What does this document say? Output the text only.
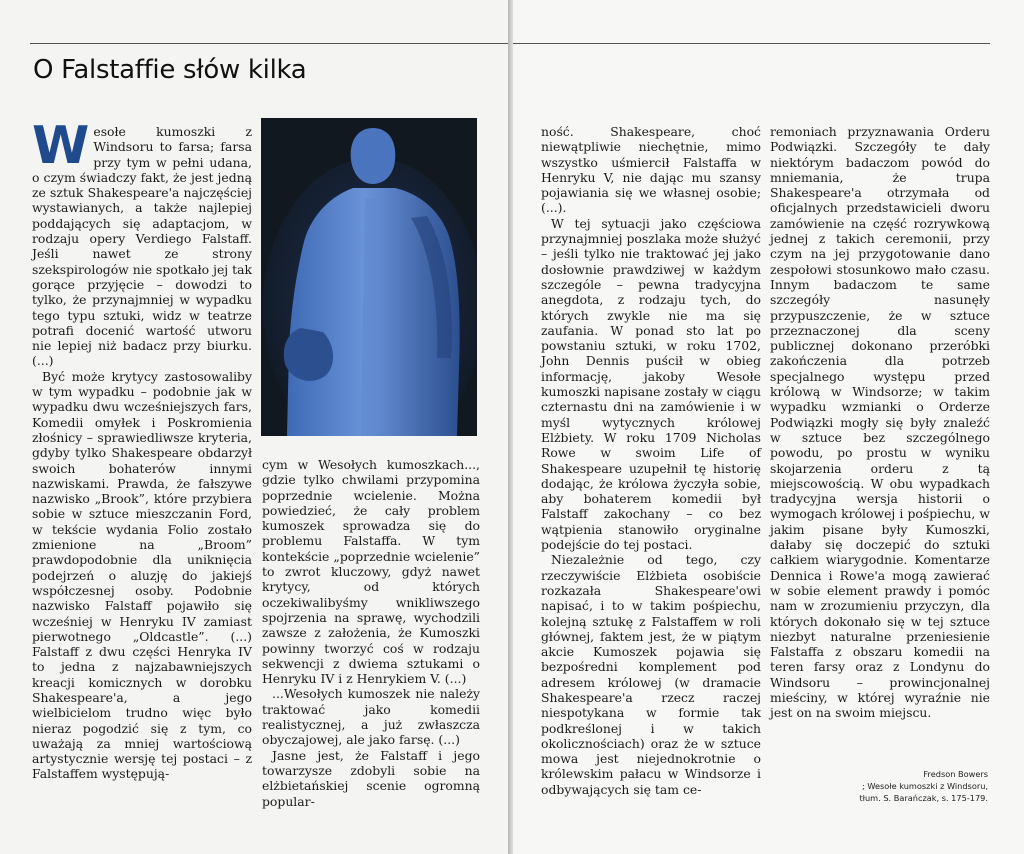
O Falstaffie słów kilka

Wesołe kumoszki z Windsoru to farsa; farsa przy tym w pełni udana, o czym świadczy fakt, że jest jedną ze sztuk Shakespeare'a najczęściej wystawianych, a także najlepiej poddających się adaptacjom, w rodzaju opery Verdiego Falstaff. Jeśli nawet ze strony szekspirologów nie spotkało jej tak gorące przyjęcie – dowodzi to tylko, że przynajmniej w wypadku tego typu sztuki, widz w teatrze potrafi docenić wartość utworu nie lepiej niż badacz przy biurku. (...)

Być może krytycy zastosowaliby w tym wypadku – podobnie jak w wypadku dwu wcześniejszych fars, Komedii omyłek i Poskromienia złośnicy – sprawiedliwsze kryteria, gdyby tylko Shakespeare obdarzył swoich bohaterów innymi nazwiskami. Prawda, że fałszywe nazwisko „Brook”, które przybiera sobie w sztuce mieszczanin Ford, w tekście wydania Folio zostało zmienione na „Broom” prawdopodobnie dla uniknięcia podejrzeń o aluzję do jakiejś współczesnej osoby. Podobnie nazwisko Falstaff pojawiło się wcześniej w Henryku IV zamiast pierwotnego „Oldcastle”. (...) Falstaff z dwu części Henryka IV to jedna z najzabawniejszych kreacji komicznych w dorobku Shakespeare'a, a jego wielbicielom trudno więc było nieraz pogodzić się z tym, co uważają za mniej wartościową artystycznie wersję tej postaci – z Falstaffem występują-

cym w Wesołych kumoszkach..., gdzie tylko chwilami przypomina poprzednie wcielenie. Można powiedzieć, że cały problem kumoszek sprowadza się do problemu Falstaffa. W tym kontekście „poprzednie wcielenie” to zwrot kluczowy, gdyż nawet krytycy, od których oczekiwalibyśmy wnikliwszego spojrzenia na sprawę, wychodzili zawsze z założenia, że Kumoszki powinny tworzyć coś w rodzaju sekwencji z dwiema sztukami o Henryku IV i z Henrykiem V. (...)

...Wesołych kumoszek nie należy traktować jako komedii realistycznej, a już zwłaszcza obyczajowej, ale jako farsę. (...)

Jasne jest, że Falstaff i jego towarzysze zdobyli sobie na elżbietańskiej scenie ogromną popular-

ność. Shakespeare, choć niewątpliwie niechętnie, mimo wszystko uśmiercił Falstaffa w Henryku V, nie dając mu szansy pojawiania się we własnej osobie; (...).

W tej sytuacji jako częściowa przynajmniej poszlaka może służyć – jeśli tylko nie traktować jej jako dosłownie prawdziwej w każdym szczególe – pewna tradycyjna anegdota, z rodzaju tych, do których zwykle nie ma się zaufania. W ponad sto lat po powstaniu sztuki, w roku 1702, John Dennis puścił w obieg informację, jakoby Wesołe kumoszki napisane zostały w ciągu czternastu dni na zamówienie i w myśl wytycznych królowej Elżbiety. W roku 1709 Nicholas Rowe w swoim Life of Shakespeare uzupełnił tę historię dodając, że królowa życzyła sobie, aby bohaterem komedii był Falstaff zakochany – co bez wątpienia stanowiło oryginalne podejście do tej postaci.

Niezależnie od tego, czy rzeczywiście Elżbieta osobiście rozkazała Shakespeare'owi napisać, i to w takim pośpiechu, kolejną sztukę z Falstaffem w roli głównej, faktem jest, że w piątym akcie Kumoszek pojawia się bezpośredni komplement pod adresem królowej (w dramacie Shakespeare'a rzecz raczej niespotykana w formie tak podkreślonej i w takich okolicznościach) oraz że w sztuce mowa jest niejednokrotnie o królewskim pałacu w Windsorze i odbywających się tam ce-

remoniach przyznawania Orderu Podwiązki. Szczegóły te dały niektórym badaczom powód do mniemania, że trupa Shakespeare'a otrzymała od oficjalnych przedstawicieli dworu zamówienie na część rozrywkową jednej z takich ceremonii, przy czym na jej przygotowanie dano zespołowi stosunkowo mało czasu. Innym badaczom te same szczegóły nasunęły przypuszczenie, że w sztuce przeznaczonej dla sceny publicznej dokonano przeróbki zakończenia dla potrzeb specjalnego występu przed królową w Windsorze; w takim wypadku wzmianki o Orderze Podwiązki mogły się były znaleźć w sztuce bez szczególnego powodu, po prostu w wyniku skojarzenia orderu z tą miejscowością. W obu wypadkach tradycyjna wersja historii o wymogach królowej i pośpiechu, w jakim pisane były Kumoszki, dałaby się doczepić do sztuki całkiem wiarygodnie. Komentarze Dennica i Rowe'a mogą zawierać w sobie element prawdy i pomóc nam w zrozumieniu przyczyn, dla których dokonało się w tej sztuce niezbyt naturalne przeniesienie Falstaffa z obszaru komedii na teren farsy oraz z Londynu do Windsoru – prowincjonalnej mieściny, w której wyraźnie nie jest on na swoim miejscu.

Fredson Bowers
; Wesołe kumoszki z Windsoru,
tłum. S. Barańczak, s. 175-179.
